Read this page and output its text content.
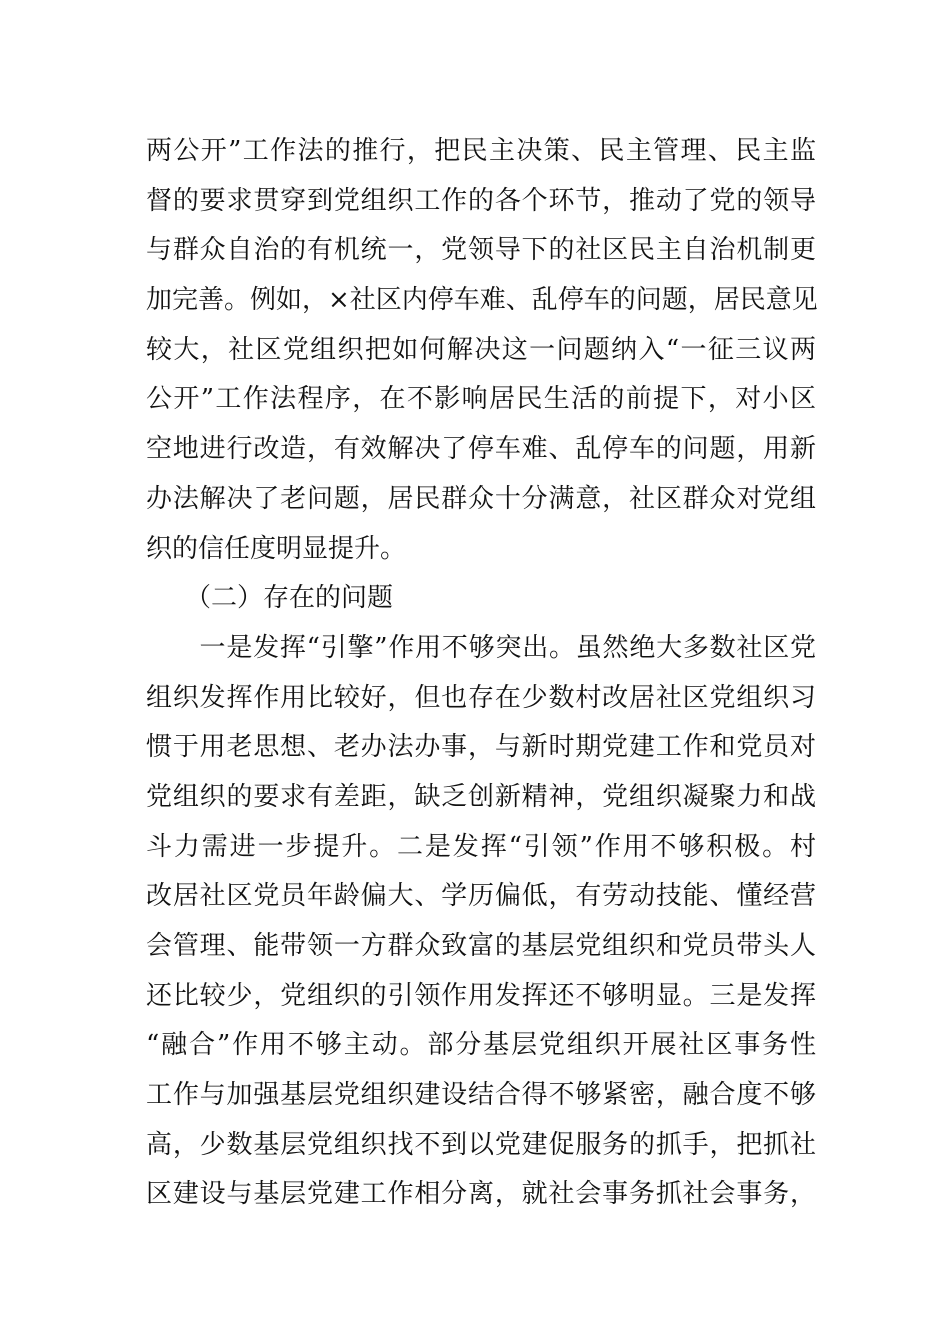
两公开”工作法的推行，把民主决策、民主管理、民主监
督的要求贯穿到党组织工作的各个环节，推动了党的领导
与群众自治的有机统一，党领导下的社区民主自治机制更
加完善。例如，×社区内停车难、乱停车的问题，居民意见
较大，社区党组织把如何解决这一问题纳入“一征三议两
公开”工作法程序，在不影响居民生活的前提下，对小区
空地进行改造，有效解决了停车难、乱停车的问题，用新
办法解决了老问题，居民群众十分满意，社区群众对党组
织的信任度明显提升。
　　（二）存在的问题
　　一是发挥“引擎”作用不够突出。虽然绝大多数社区党
组织发挥作用比较好，但也存在少数村改居社区党组织习
惯于用老思想、老办法办事，与新时期党建工作和党员对
党组织的要求有差距，缺乏创新精神，党组织凝聚力和战
斗力需进一步提升。二是发挥“引领”作用不够积极。村
改居社区党员年龄偏大、学历偏低，有劳动技能、懂经营
会管理、能带领一方群众致富的基层党组织和党员带头人
还比较少，党组织的引领作用发挥还不够明显。三是发挥
“融合”作用不够主动。部分基层党组织开展社区事务性
工作与加强基层党组织建设结合得不够紧密，融合度不够
高，少数基层党组织找不到以党建促服务的抓手，把抓社
区建设与基层党建工作相分离，就社会事务抓社会事务，
